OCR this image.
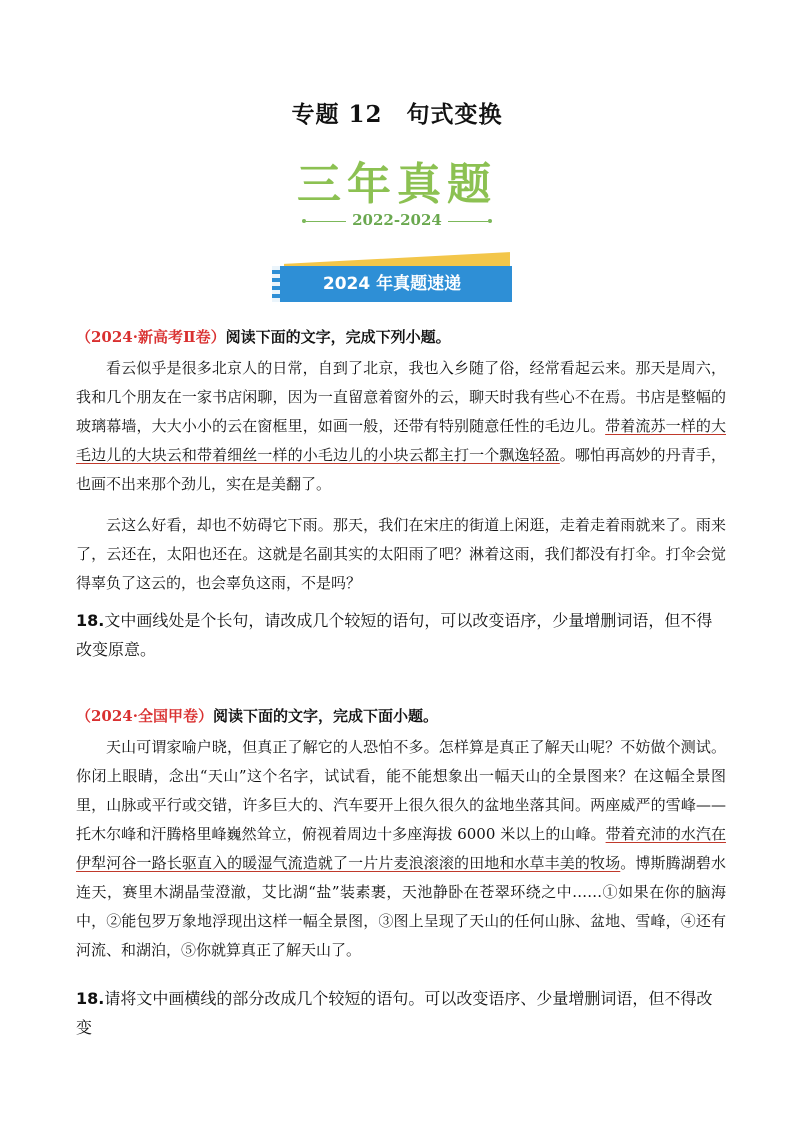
专题 12　句式变换
三年真题
2022-2024
2024 年真题速递
（2024·新高考Ⅱ卷）阅读下面的文字，完成下列小题。
看云似乎是很多北京人的日常，自到了北京，我也入乡随了俗，经常看起云来。那天是周六，我和几个朋友在一家书店闲聊，因为一直留意着窗外的云，聊天时我有些心不在焉。书店是整幅的玻璃幕墙，大大小小的云在窗框里，如画一般，还带有特别随意任性的毛边儿。带着流苏一样的大毛边儿的大块云和带着细丝一样的小毛边儿的小块云都主打一个飘逸轻盈。哪怕再高妙的丹青手，也画不出来那个劲儿，实在是美翻了。
云这么好看，却也不妨碍它下雨。那天，我们在宋庄的街道上闲逛，走着走着雨就来了。雨来了，云还在，太阳也还在。这就是名副其实的太阳雨了吧？淋着这雨，我们都没有打伞。打伞会觉得辜负了这云的，也会辜负这雨，不是吗？
18.文中画线处是个长句，请改成几个较短的语句，可以改变语序，少量增删词语，但不得改变原意。
（2024·全国甲卷）阅读下面的文字，完成下面小题。
天山可谓家喻户晓，但真正了解它的人恐怕不多。怎样算是真正了解天山呢？不妨做个测试。你闭上眼睛，念出“天山”这个名字，试试看，能不能想象出一幅天山的全景图来？在这幅全景图里，山脉或平行或交错，许多巨大的、汽车要开上很久很久的盆地坐落其间。两座威严的雪峰——托木尔峰和汗腾格里峰巍然耸立，俯视着周边十多座海拔 6000 米以上的山峰。带着充沛的水汽在伊犁河谷一路长驱直入的暖湿气流造就了一片片麦浪滚滚的田地和水草丰美的牧场。博斯腾湖碧水连天，赛里木湖晶莹澄澈，艾比湖“盐”装素裹，天池静卧在苍翠环绕之中……①如果在你的脑海中，②能包罗万象地浮现出这样一幅全景图，③图上呈现了天山的任何山脉、盆地、雪峰，④还有河流、和湖泊，⑤你就算真正了解天山了。
18.请将文中画横线的部分改成几个较短的语句。可以改变语序、少量增删词语，但不得改变
